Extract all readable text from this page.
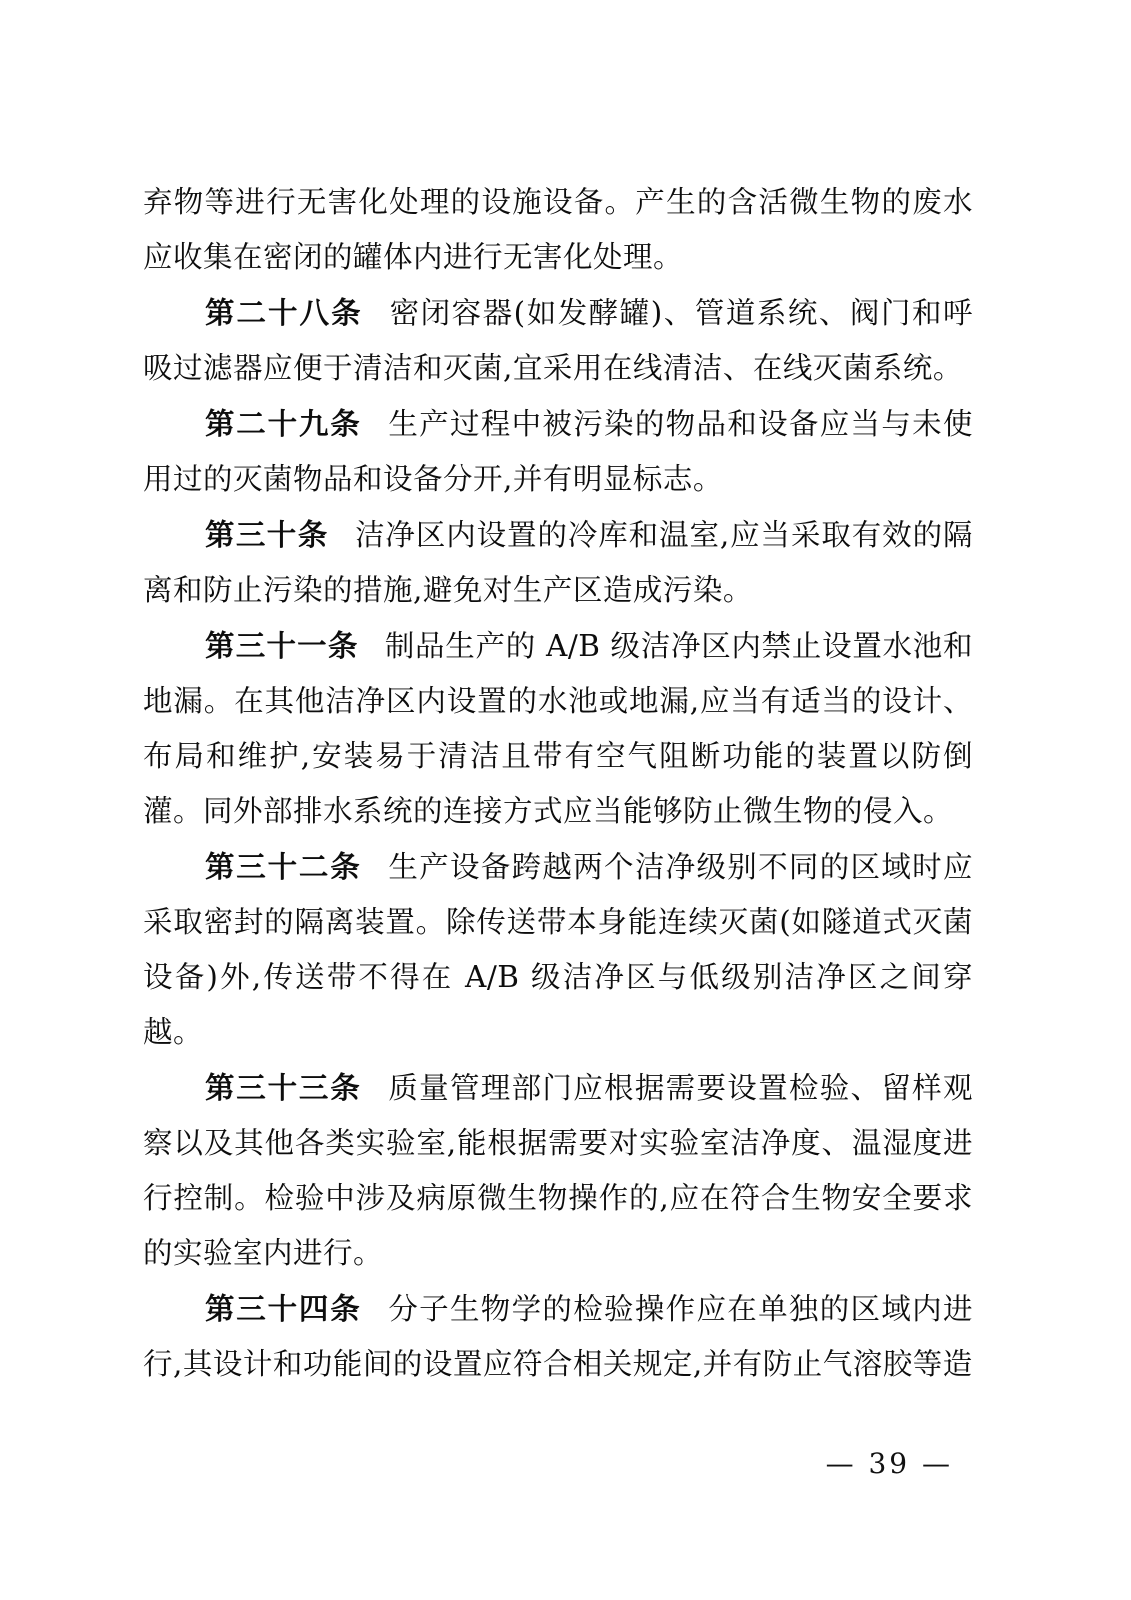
弃物等进行无害化处理的设施设备。产生的含活微生物的废水应收集在密闭的罐体内进行无害化处理。

第二十八条 密闭容器(如发酵罐)、管道系统、阀门和呼吸过滤器应便于清洁和灭菌,宜采用在线清洁、在线灭菌系统。

第二十九条 生产过程中被污染的物品和设备应当与未使用过的灭菌物品和设备分开,并有明显标志。

第三十条 洁净区内设置的冷库和温室,应当采取有效的隔离和防止污染的措施,避免对生产区造成污染。

第三十一条 制品生产的 A/B 级洁净区内禁止设置水池和地漏。在其他洁净区内设置的水池或地漏,应当有适当的设计、布局和维护,安装易于清洁且带有空气阻断功能的装置以防倒灌。同外部排水系统的连接方式应当能够防止微生物的侵入。

第三十二条 生产设备跨越两个洁净级别不同的区域时应采取密封的隔离装置。除传送带本身能连续灭菌(如隧道式灭菌设备)外,传送带不得在 A/B 级洁净区与低级别洁净区之间穿越。

第三十三条 质量管理部门应根据需要设置检验、留样观察以及其他各类实验室,能根据需要对实验室洁净度、温湿度进行控制。检验中涉及病原微生物操作的,应在符合生物安全要求的实验室内进行。

第三十四条 分子生物学的检验操作应在单独的区域内进行,其设计和功能间的设置应符合相关规定,并有防止气溶胶等造

— 39 —
